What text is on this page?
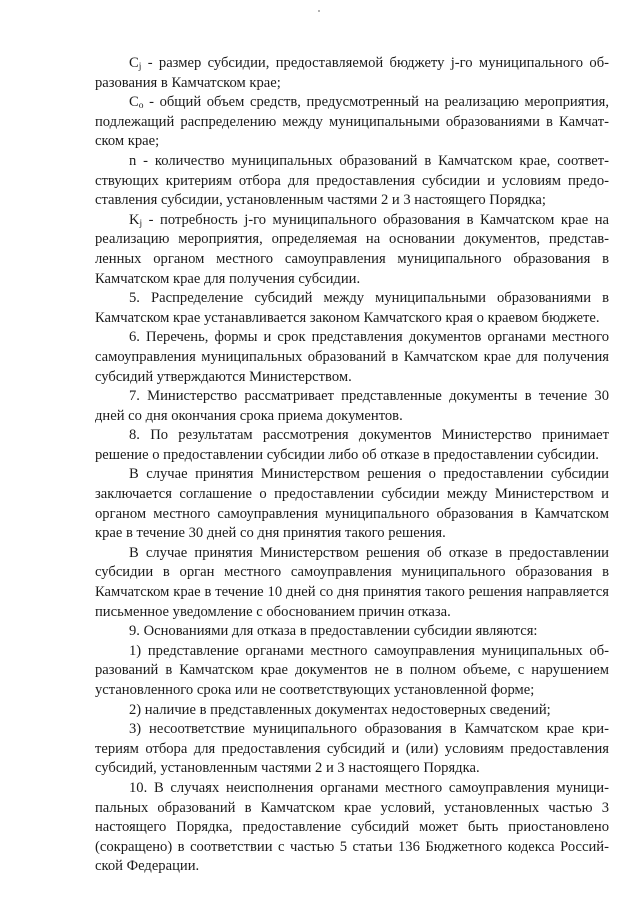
$C_j$ - размер субсидии, предоставляемой бюджету j-го муниципального образования в Камчатском крае;

$C_о$ - общий объем средств, предусмотренный на реализацию мероприятия, подлежащий распределению между муниципальными образованиями в Камчатском крае;

n - количество муниципальных образований в Камчатском крае, соответствующих критериям отбора для предоставления субсидии и условиям предоставления субсидии, установленным частями 2 и 3 настоящего Порядка;

$K_j$ - потребность j-го муниципального образования в Камчатском крае на реализацию мероприятия, определяемая на основании документов, представленных органом местного самоуправления муниципального образования в Камчатском крае для получения субсидии.

5. Распределение субсидий между муниципальными образованиями в Камчатском крае устанавливается законом Камчатского края о краевом бюджете.

6. Перечень, формы и срок представления документов органами местного самоуправления муниципальных образований в Камчатском крае для получения субсидий утверждаются Министерством.

7. Министерство рассматривает представленные документы в течение 30 дней со дня окончания срока приема документов.

8. По результатам рассмотрения документов Министерство принимает решение о предоставлении субсидии либо об отказе в предоставлении субсидии.

В случае принятия Министерством решения о предоставлении субсидии заключается соглашение о предоставлении субсидии между Министерством и органом местного самоуправления муниципального образования в Камчатском крае в течение 30 дней со дня принятия такого решения.

В случае принятия Министерством решения об отказе в предоставлении субсидии в орган местного самоуправления муниципального образования в Камчатском крае в течение 10 дней со дня принятия такого решения направляется письменное уведомление с обоснованием причин отказа.

9. Основаниями для отказа в предоставлении субсидии являются:

1) представление органами местного самоуправления муниципальных образований в Камчатском крае документов не в полном объеме, с нарушением установленного срока или не соответствующих установленной форме;

2) наличие в представленных документах недостоверных сведений;

3) несоответствие муниципального образования в Камчатском крае критериям отбора для предоставления субсидий и (или) условиям предоставления субсидий, установленным частями 2 и 3 настоящего Порядка.

10. В случаях неисполнения органами местного самоуправления муниципальных образований в Камчатском крае условий, установленных частью 3 настоящего Порядка, предоставление субсидий может быть приостановлено (сокращено) в соответствии с частью 5 статьи 136 Бюджетного кодекса Российской Федерации.
